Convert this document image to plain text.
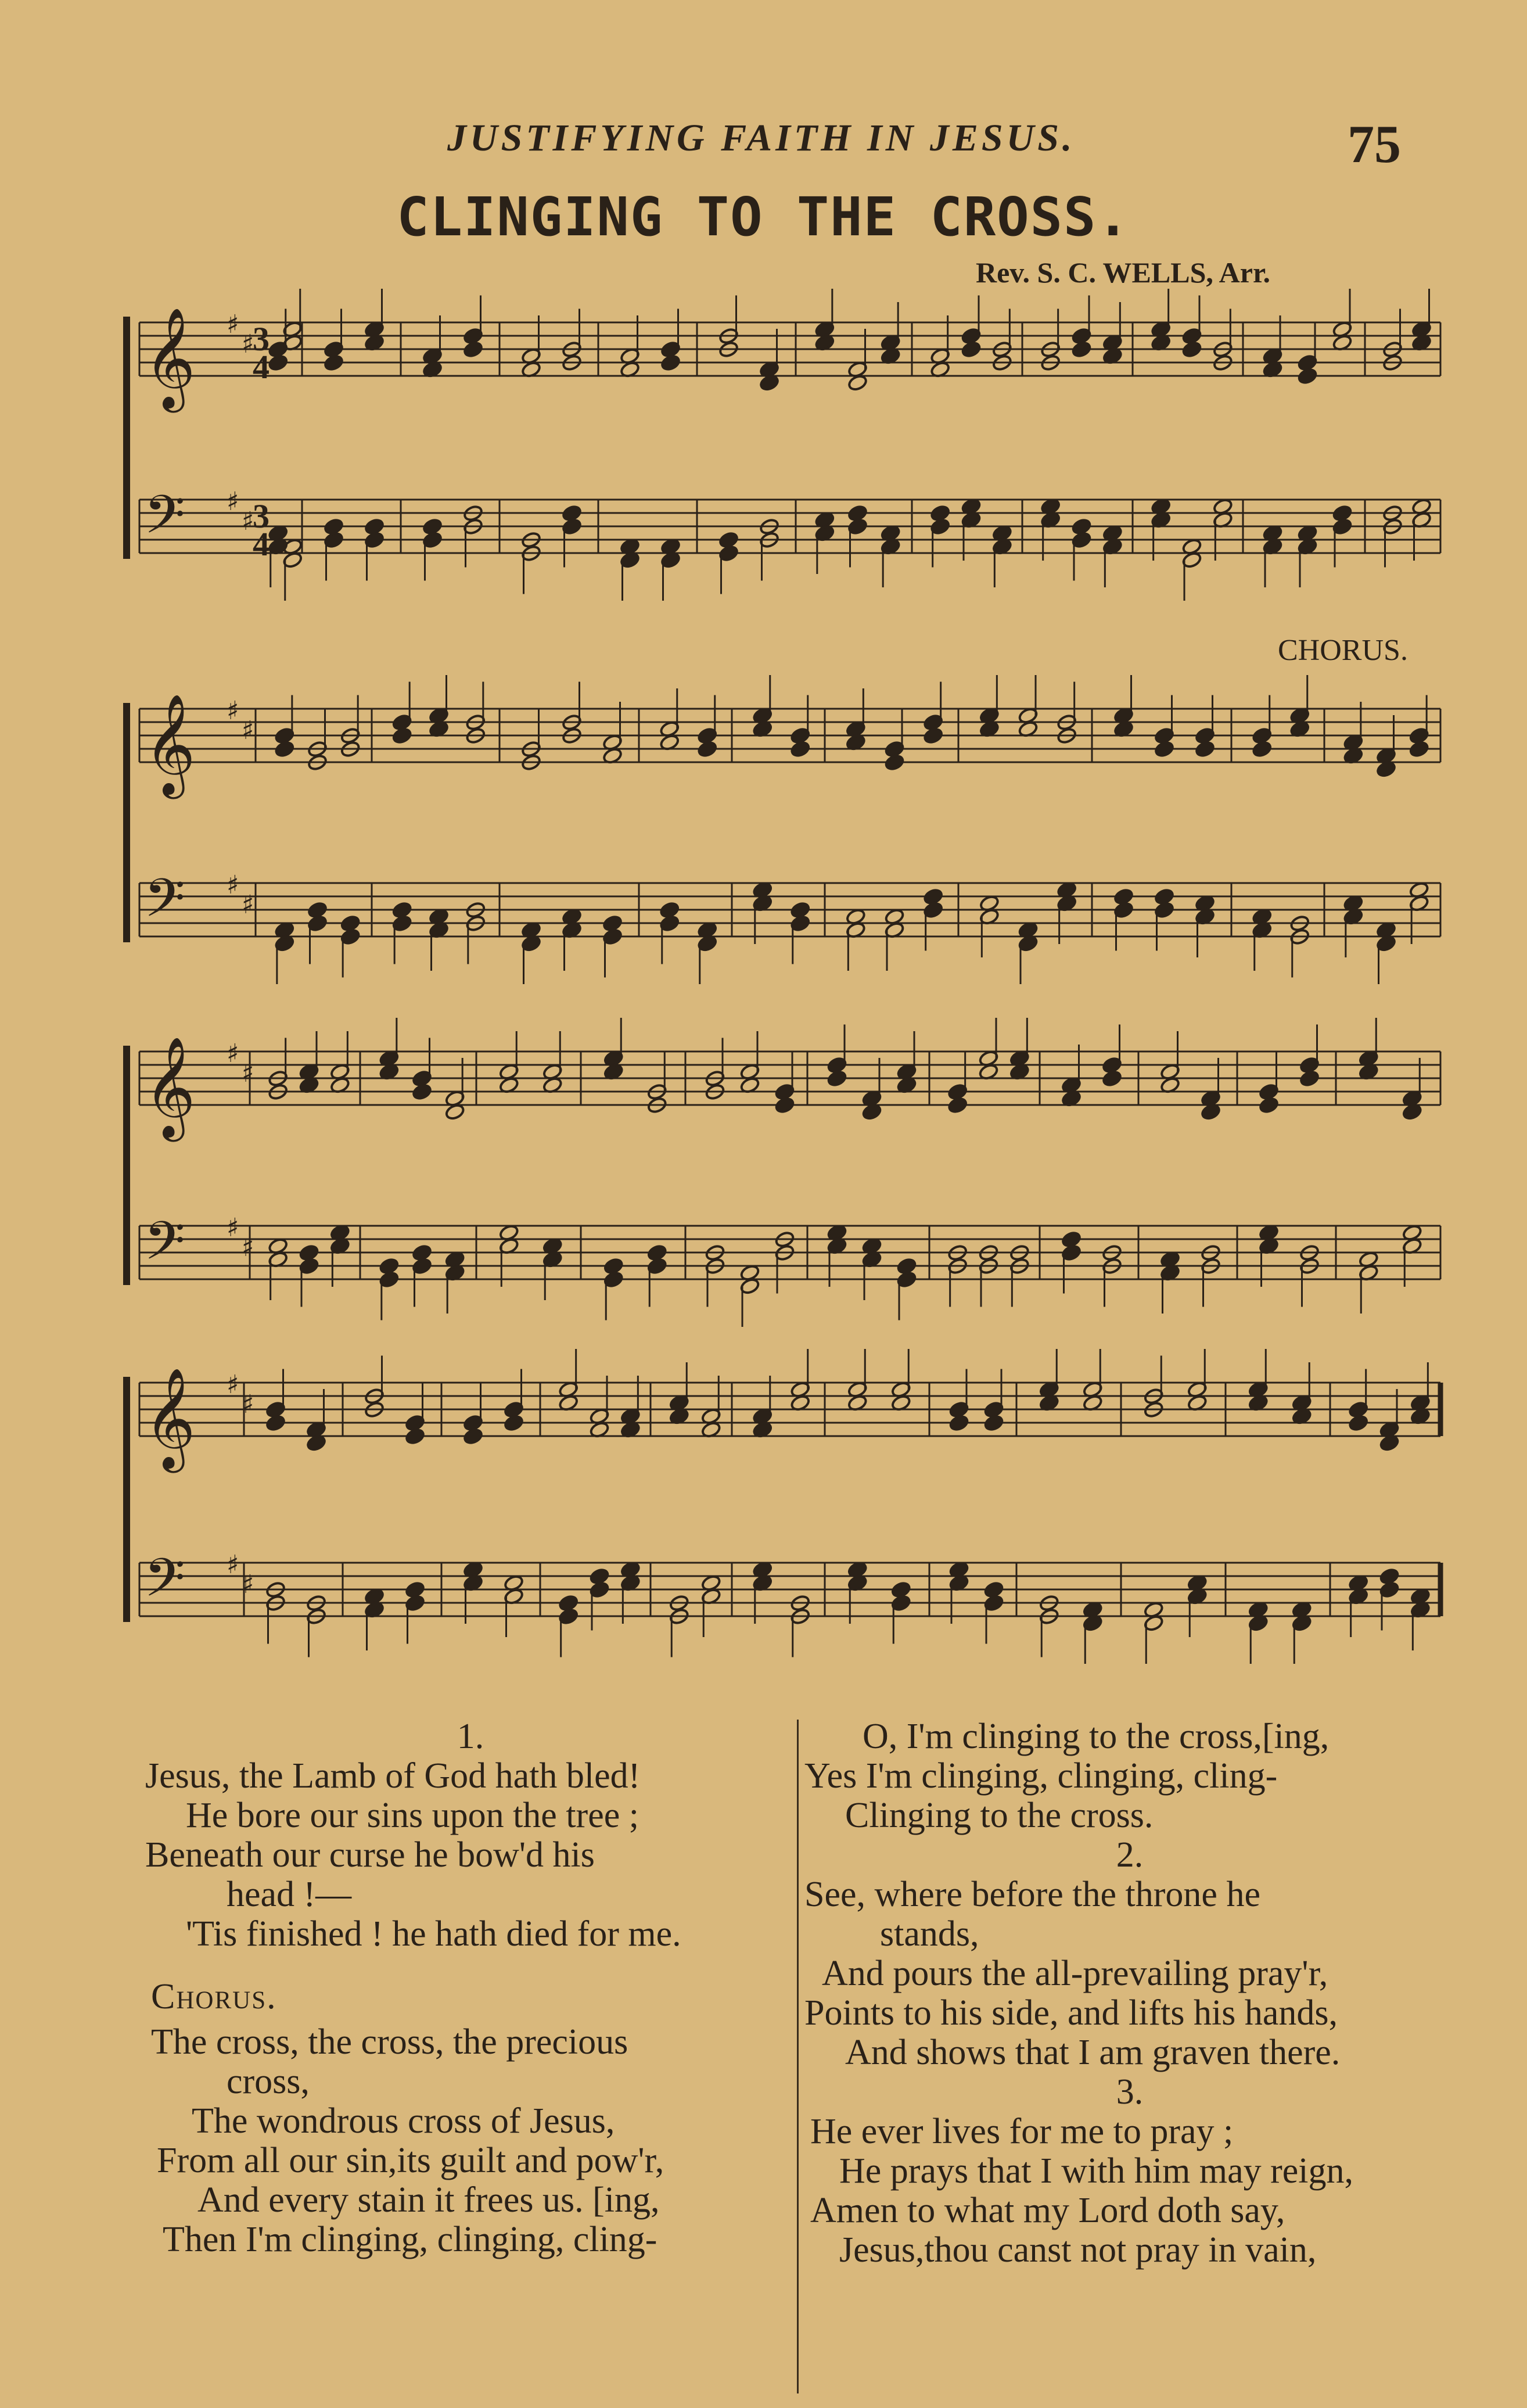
JUSTIFYING FAITH IN JESUS.	75
CLINGING TO THE CROSS.
Rev. S. C. WELLS, Arr.
CHORUS.
𝄞 ♯
♯
𝄢 ♯
♯
3
4
3
4
𝄞 ♯
♯
𝄢 ♯
♯
𝄞 ♯
♯
𝄢 ♯
♯
𝄞 ♯
♯
𝄢 ♯
♯
1.
Jesus, the Lamb of God hath bled!
He bore our sins upon the tree ;
Beneath our curse he bow'd his
head !—
'Tis finished ! he hath died for me.
Chorus.
The cross, the cross, the precious
cross,
The wondrous cross of Jesus,
From all our sin,its guilt and pow'r,
And every stain it frees us. [ing,
Then I'm clinging, clinging, cling-
O, I'm clinging to the cross,[ing,
Yes I'm clinging, clinging, cling-
Clinging to the cross.
2.
See, where before the throne he
stands,
And pours the all-prevailing pray'r,
Points to his side, and lifts his hands,
And shows that I am graven there.
3.
He ever lives for me to pray ;
He prays that I with him may reign,
Amen to what my Lord doth say,
Jesus,thou canst not pray in vain,
